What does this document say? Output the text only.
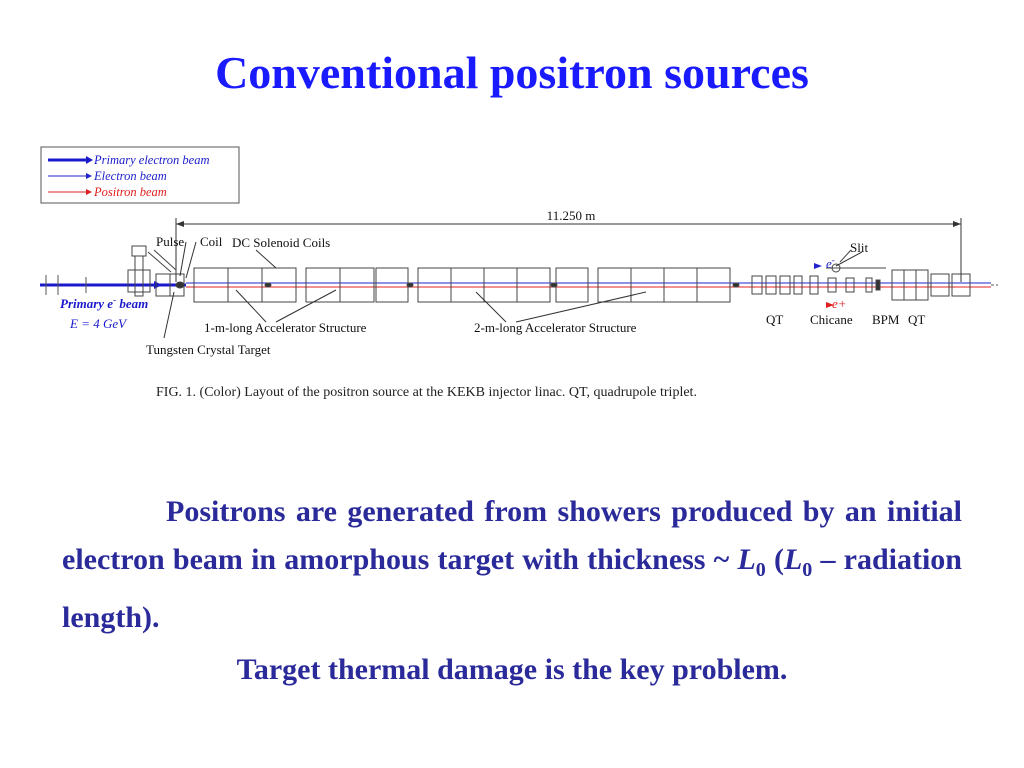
Conventional positron sources
Primary electron beam
Electron beam
Positron beam
11.250 m
Pulse Coil DC Solenoid Coils	Slit
e-
e+
Primary e- beam
E = 4 GeV	1-m-long Accelerator Structure	2-m-long Accelerator Structure
QT Chicane BPM QT
Tungsten Crystal Target
FIG. 1. (Color) Layout of the positron source at the KEKB injector linac. QT, quadrupole triplet.

Positrons are generated from showers produced by an initial electron beam in amorphous target with thickness ~ $L_0$ ($L_0$ – radiation length).

Target thermal damage is the key problem.
